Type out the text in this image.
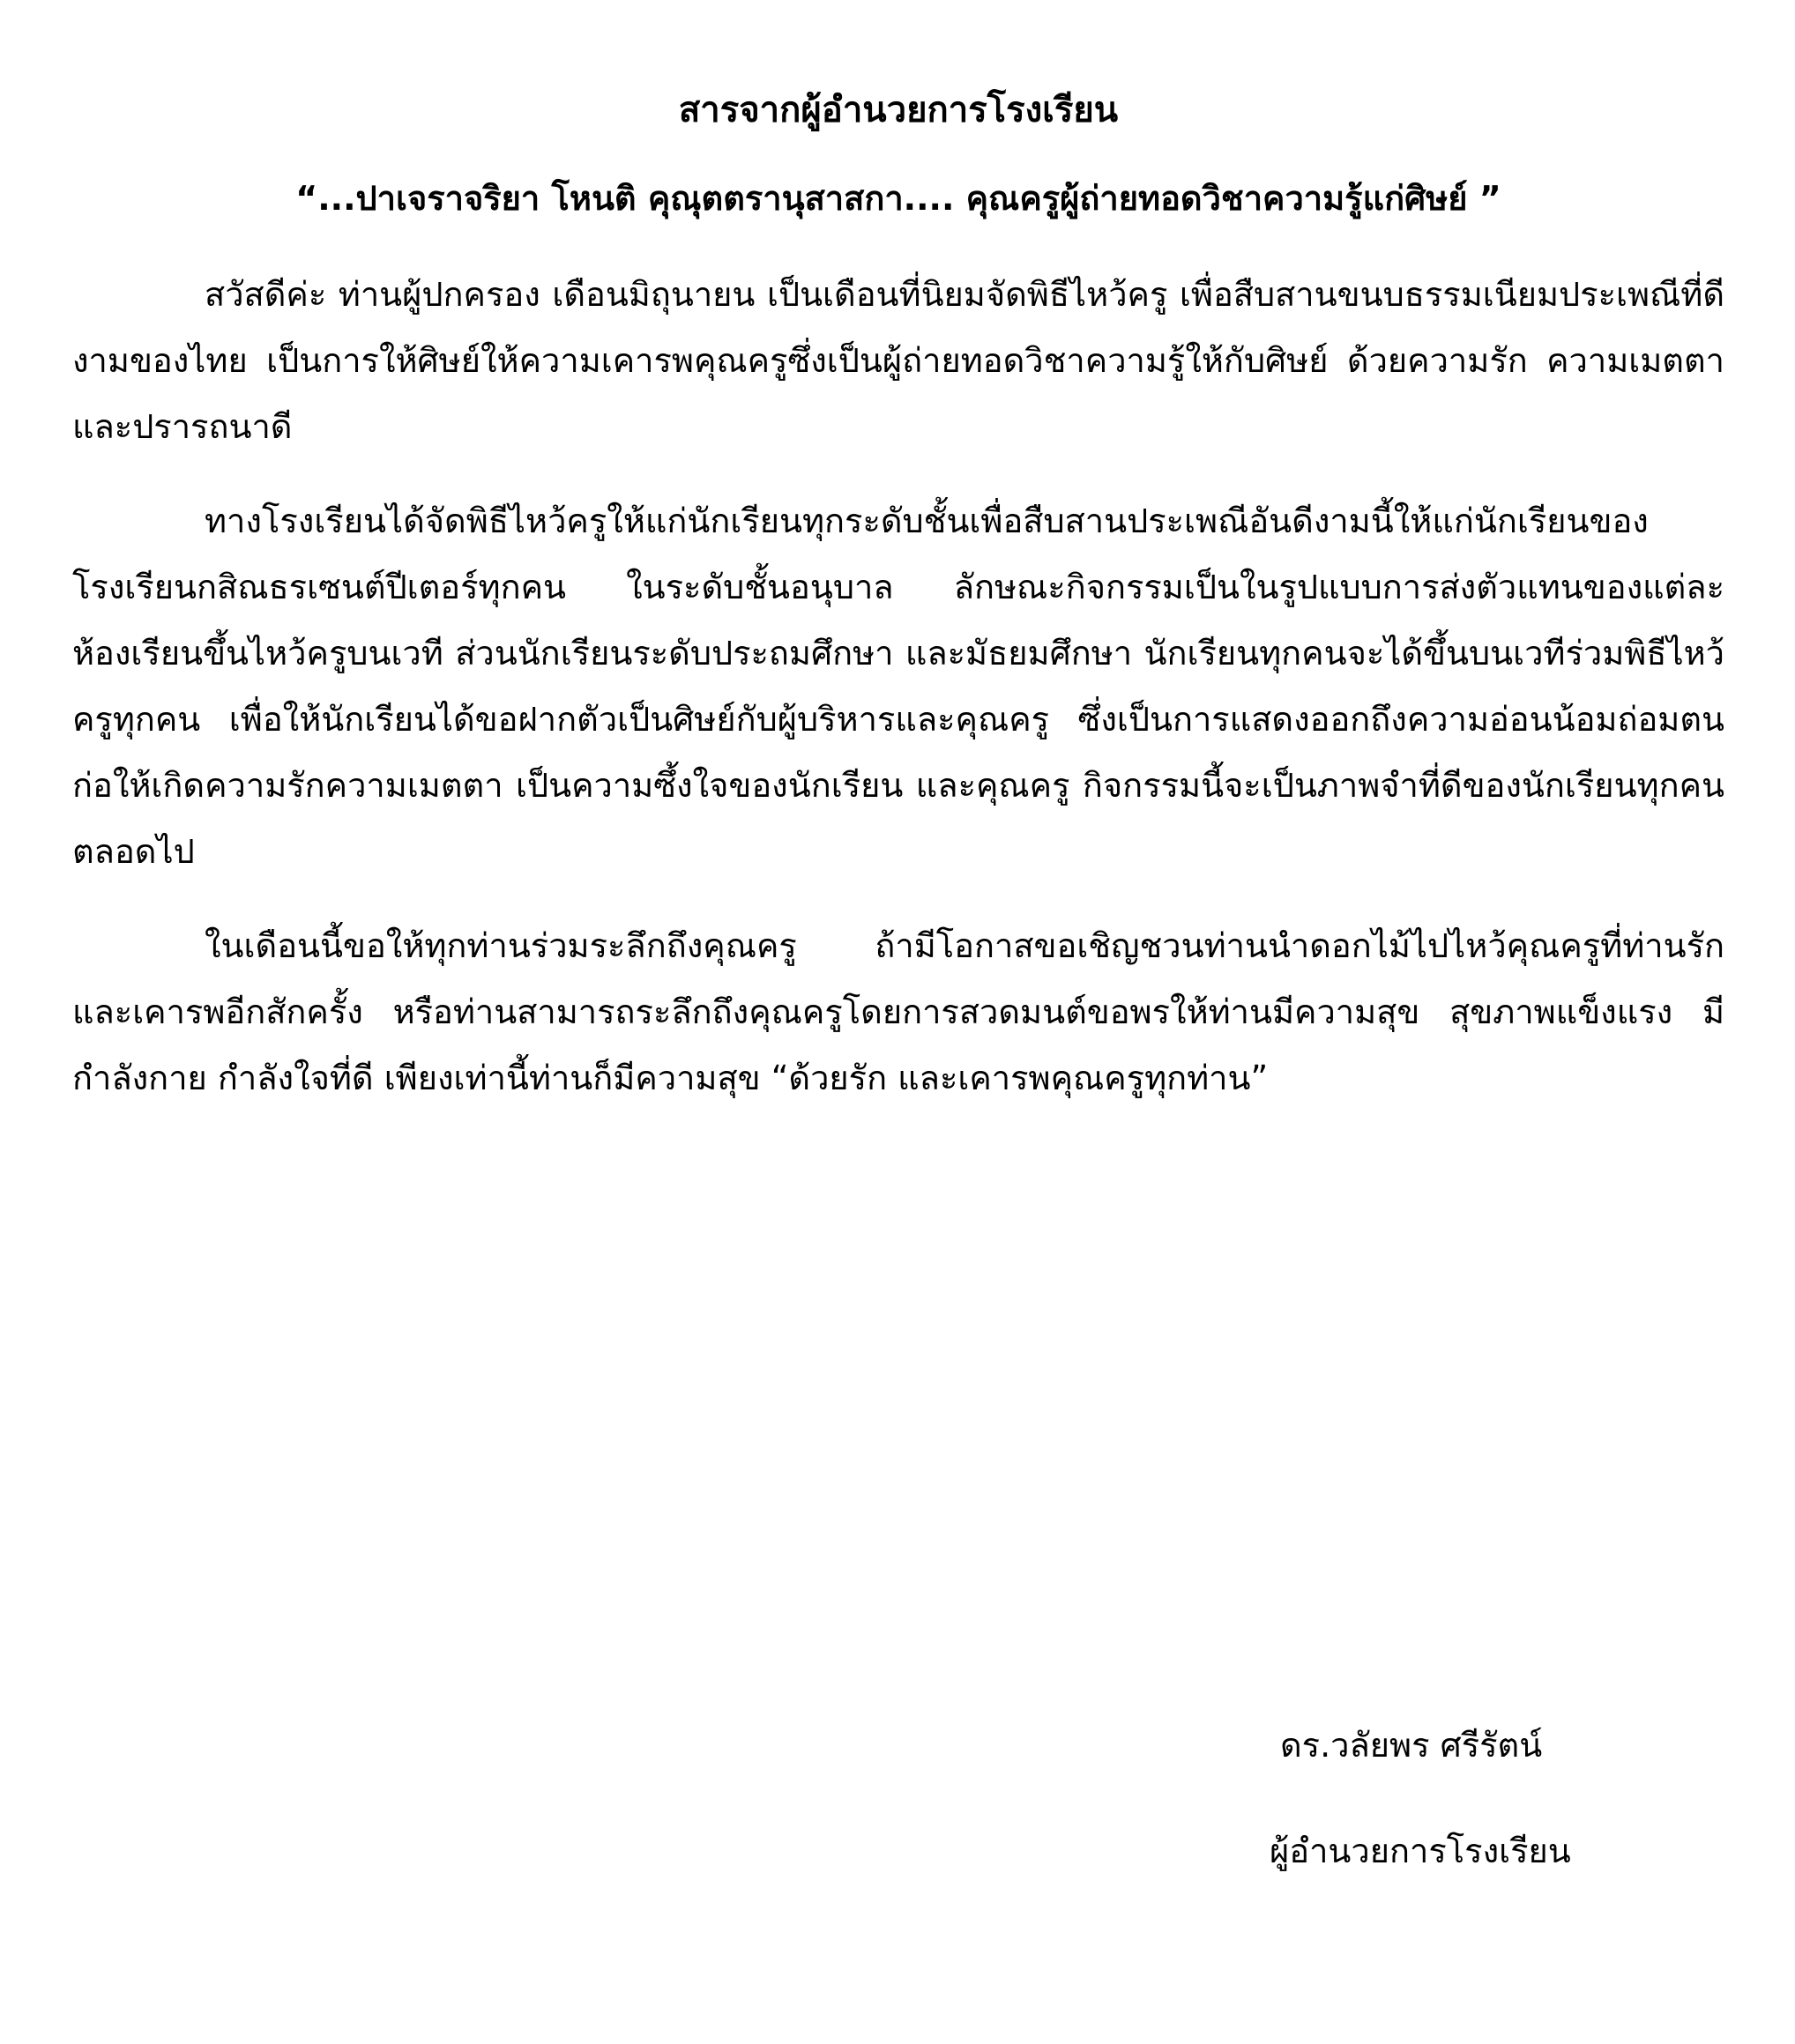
สารจากผู้อำนวยการโรงเรียน
“...ปาเจราจริยา โหนติ คุณุตตรานุสาสกา.... คุณครูผู้ถ่ายทอดวิชาความรู้แก่ศิษย์ ”

สวัสดีค่ะ ท่านผู้ปกครอง เดือนมิถุนายน เป็นเดือนที่นิยมจัดพิธีไหว้ครู เพื่อสืบสานขนบธรรมเนียมประเพณีที่ดีงามของไทย เป็นการให้ศิษย์ให้ความเคารพคุณครูซึ่งเป็นผู้ถ่ายทอดวิชาความรู้ให้กับศิษย์ ด้วยความรัก ความเมตตา และปรารถนาดี

ทางโรงเรียนได้จัดพิธีไหว้ครูให้แก่นักเรียนทุกระดับชั้นเพื่อสืบสานประเพณีอันดีงามนี้ให้แก่นักเรียนของโรงเรียนกสิณธรเซนต์ปีเตอร์ทุกคน ในระดับชั้นอนุบาล ลักษณะกิจกรรมเป็นในรูปแบบการส่งตัวแทนของแต่ละห้องเรียนขึ้นไหว้ครูบนเวที ส่วนนักเรียนระดับประถมศึกษา และมัธยมศึกษา นักเรียนทุกคนจะได้ขึ้นบนเวทีร่วมพิธีไหว้ครูทุกคน เพื่อให้นักเรียนได้ขอฝากตัวเป็นศิษย์กับผู้บริหารและคุณครู ซึ่งเป็นการแสดงออกถึงความอ่อนน้อมถ่อมตน ก่อให้เกิดความรักความเมตตา เป็นความซึ้งใจของนักเรียน และคุณครู กิจกรรมนี้จะเป็นภาพจำที่ดีของนักเรียนทุกคนตลอดไป

ในเดือนนี้ขอให้ทุกท่านร่วมระลึกถึงคุณครู ถ้ามีโอกาสขอเชิญชวนท่านนำดอกไม้ไปไหว้คุณครูที่ท่านรัก และเคารพอีกสักครั้ง หรือท่านสามารถระลึกถึงคุณครูโดยการสวดมนต์ขอพรให้ท่านมีความสุข สุขภาพแข็งแรง มีกำลังกาย กำลังใจที่ดี เพียงเท่านี้ท่านก็มีความสุข “ด้วยรัก และเคารพคุณครูทุกท่าน”

ดร.วลัยพร ศรีรัตน์
ผู้อำนวยการโรงเรียน
